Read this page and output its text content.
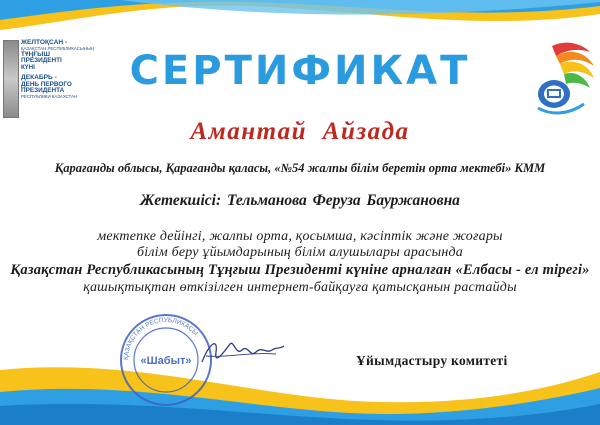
ЖЕЛТОҚСАН -
ҚАЗАҚСТАН РЕСПУБЛИКАСЫНЫҢ
ТҰҢҒЫШ
ПРЕЗИДЕНТІ
КҮНІ
ДЕКАБРЬ -
ДЕНЬ ПЕРВОГО
ПРЕЗИДЕНТА
РЕСПУБЛИКИ КАЗАХСТАН
СЕРТИФИКАТ
Амантай Айзада
Қарағанды облысы, Қарағанды қаласы, «№54 жалпы білім беретін орта мектебі» КММ
Жетекшісі: Тельманова Феруза Бауржановна
мектепке дейінгі, жалпы орта, қосымша, кәсіптік және жоғары
білім беру ұйымдарының білім алушылары арасында
Қазақстан Республикасының Тұңғыш Президенті күніне арналған «Елбасы - ел тірегі»
қашықтықтан өткізілген интернет-байқауға қатысқанын растайды
ҚАЗАҚСТАН РЕСПУБЛИКАСЫ
«Шабыт»	Ұйымдастыру комитеті
